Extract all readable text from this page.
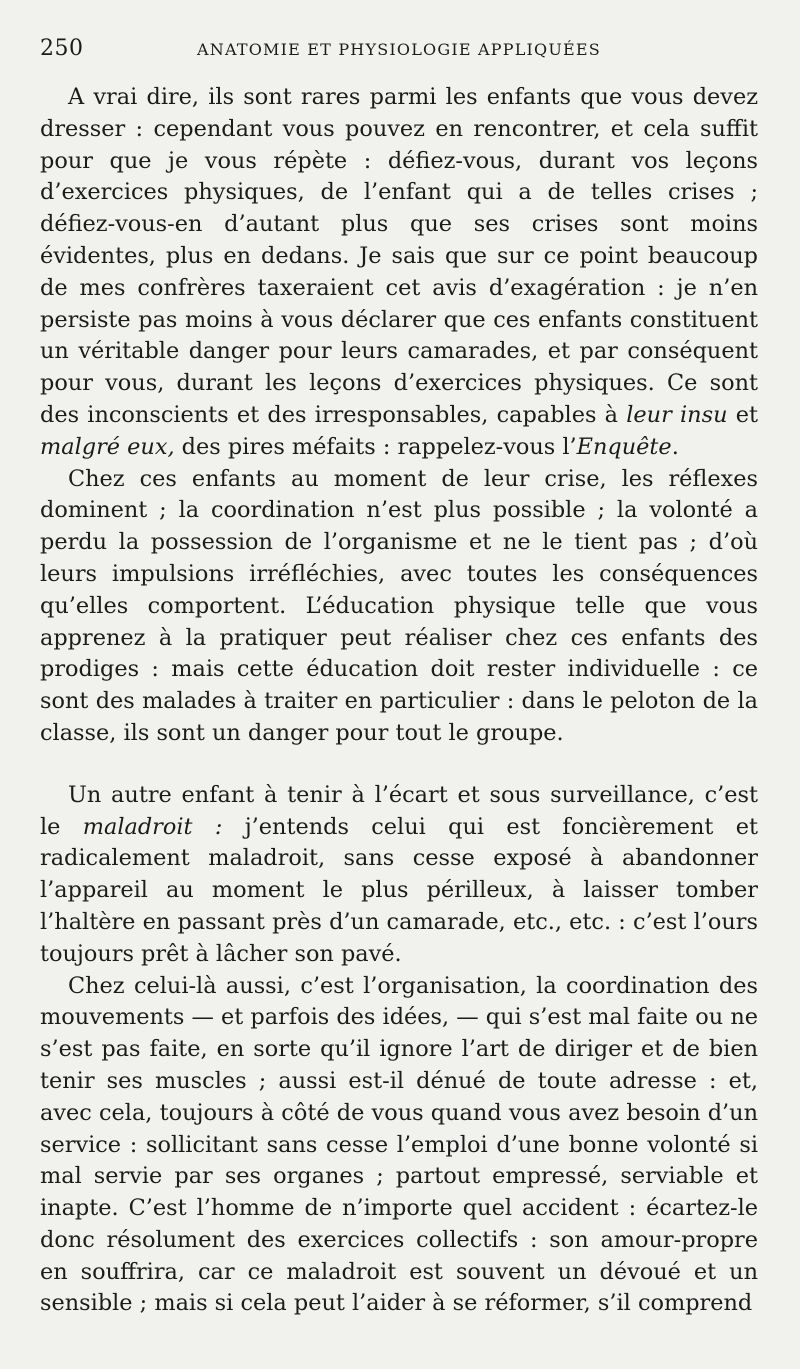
250	ANATOMIE ET PHYSIOLOGIE APPLIQUÉES

A vrai dire, ils sont rares parmi les enfants que vous devez dresser : cependant vous pouvez en rencontrer, et cela suffit pour que je vous répète : défiez-vous, durant vos leçons d’exercices physiques, de l’enfant qui a de telles crises ; défiez-vous-en d’autant plus que ses crises sont moins évidentes, plus en dedans. Je sais que sur ce point beaucoup de mes confrères taxeraient cet avis d’exagération : je n’en persiste pas moins à vous déclarer que ces enfants constituent un véritable danger pour leurs camarades, et par conséquent pour vous, durant les leçons d’exercices physiques. Ce sont des inconscients et des irresponsables, capables à leur insu et malgré eux, des pires méfaits : rappelez-vous l’Enquête.

Chez ces enfants au moment de leur crise, les réflexes dominent ; la coordination n’est plus possible ; la volonté a perdu la possession de l’organisme et ne le tient pas ; d’où leurs impulsions irréfléchies, avec toutes les conséquences qu’elles comportent. L’éducation physique telle que vous apprenez à la pratiquer peut réaliser chez ces enfants des prodiges : mais cette éducation doit rester individuelle : ce sont des malades à traiter en particulier : dans le peloton de la classe, ils sont un danger pour tout le groupe.

Un autre enfant à tenir à l’écart et sous surveillance, c’est le maladroit : j’entends celui qui est foncièrement et radicalement maladroit, sans cesse exposé à abandonner l’appareil au moment le plus périlleux, à laisser tomber l’haltère en passant près d’un camarade, etc., etc. : c’est l’ours toujours prêt à lâcher son pavé.

Chez celui-là aussi, c’est l’organisation, la coordination des mouvements — et parfois des idées, — qui s’est mal faite ou ne s’est pas faite, en sorte qu’il ignore l’art de diriger et de bien tenir ses muscles ; aussi est-il dénué de toute adresse : et, avec cela, toujours à côté de vous quand vous avez besoin d’un service : sollicitant sans cesse l’emploi d’une bonne volonté si mal servie par ses organes ; partout empressé, serviable et inapte. C’est l’homme de n’importe quel accident : écartez-le donc résolument des exercices collectifs : son amour-propre en souffrira, car ce maladroit est souvent un dévoué et un sensible ; mais si cela peut l’aider à se réformer, s’il comprend
